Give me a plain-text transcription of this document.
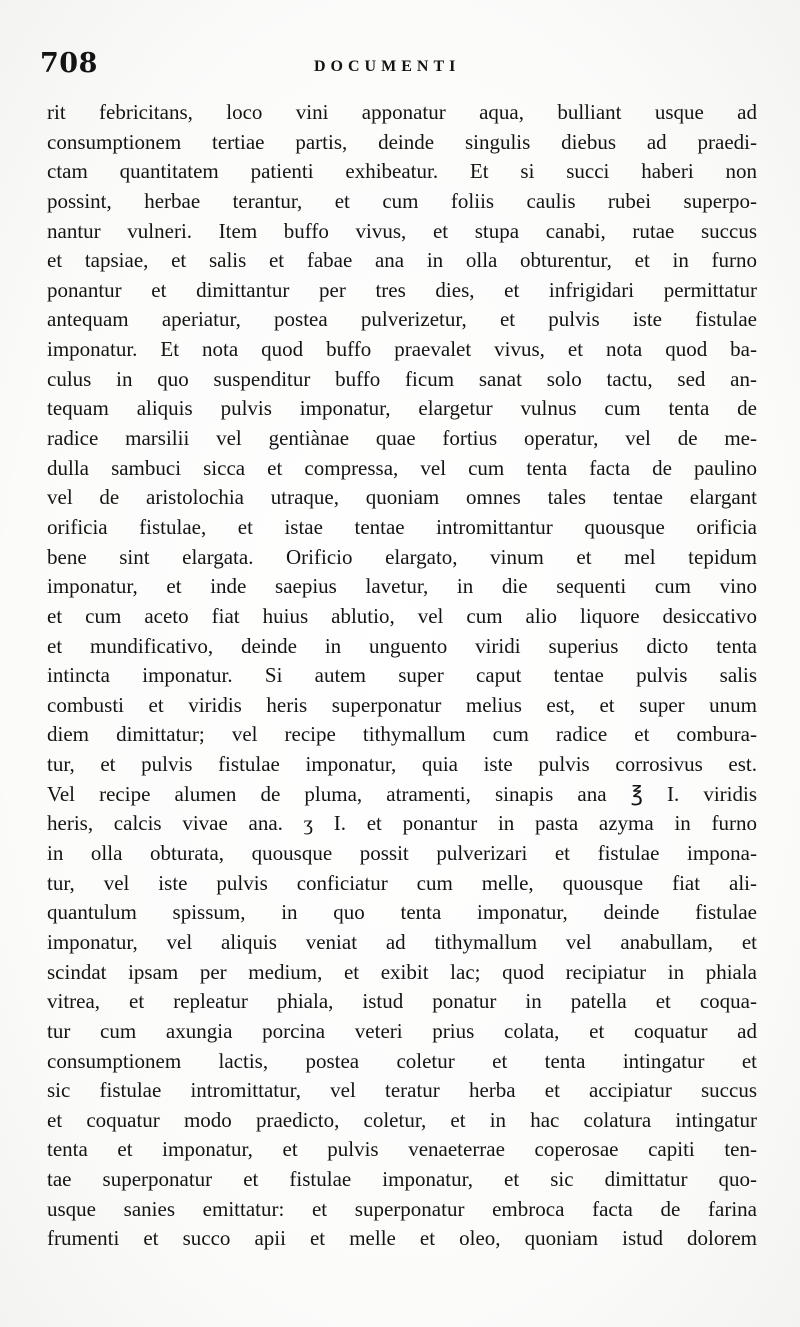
708	DOCUMENTI
rit febricitans, loco vini apponatur aqua, bulliant usque ad
consumptionem tertiae partis, deinde singulis diebus ad praedi-
ctam quantitatem patienti exhibeatur. Et si succi haberi non
possint, herbae terantur, et cum foliis caulis rubei superpo-
nantur vulneri. Item buffo vivus, et stupa canabi, rutae succus
et tapsiae, et salis et fabae ana in olla obturentur, et in furno
ponantur et dimittantur per tres dies, et infrigidari permittatur
antequam aperiatur, postea pulverizetur, et pulvis iste fistulae
imponatur. Et nota quod buffo praevalet vivus, et nota quod ba-
culus in quo suspenditur buffo ficum sanat solo tactu, sed an-
tequam aliquis pulvis imponatur, elargetur vulnus cum tenta de
radice marsilii vel gentiànae quae fortius operatur, vel de me-
dulla sambuci sicca et compressa, vel cum tenta facta de paulino
vel de aristolochia utraque, quoniam omnes tales tentae elargant
orificia fistulae, et istae tentae intromittantur quousque orificia
bene sint elargata. Orificio elargato, vinum et mel tepidum
imponatur, et inde saepius lavetur, in die sequenti cum vino
et cum aceto fiat huius ablutio, vel cum alio liquore desiccativo
et mundificativo, deinde in unguento viridi superius dicto tenta
intincta imponatur. Si autem super caput tentae pulvis salis
combusti et viridis heris superponatur melius est, et super unum
diem dimittatur; vel recipe tithymallum cum radice et combura-
tur, et pulvis fistulae imponatur, quia iste pulvis corrosivus est.
Vel recipe alumen de pluma, atramenti, sinapis ana ℥ I. viridis
heris, calcis vivae ana. ʒ I. et ponantur in pasta azyma in furno
in olla obturata, quousque possit pulverizari et fistulae impona-
tur, vel iste pulvis conficiatur cum melle, quousque fiat ali-
quantulum spissum, in quo tenta imponatur, deinde fistulae
imponatur, vel aliquis veniat ad tithymallum vel anabullam, et
scindat ipsam per medium, et exibit lac; quod recipiatur in phiala
vitrea, et repleatur phiala, istud ponatur in patella et coqua-
tur cum axungia porcina veteri prius colata, et coquatur ad
consumptionem lactis, postea coletur et tenta intingatur et
sic fistulae intromittatur, vel teratur herba et accipiatur succus
et coquatur modo praedicto, coletur, et in hac colatura intingatur
tenta et imponatur, et pulvis venaeterrae coperosae capiti ten-
tae superponatur et fistulae imponatur, et sic dimittatur quo-
usque sanies emittatur: et superponatur embroca facta de farina
frumenti et succo apii et melle et oleo, quoniam istud dolorem
